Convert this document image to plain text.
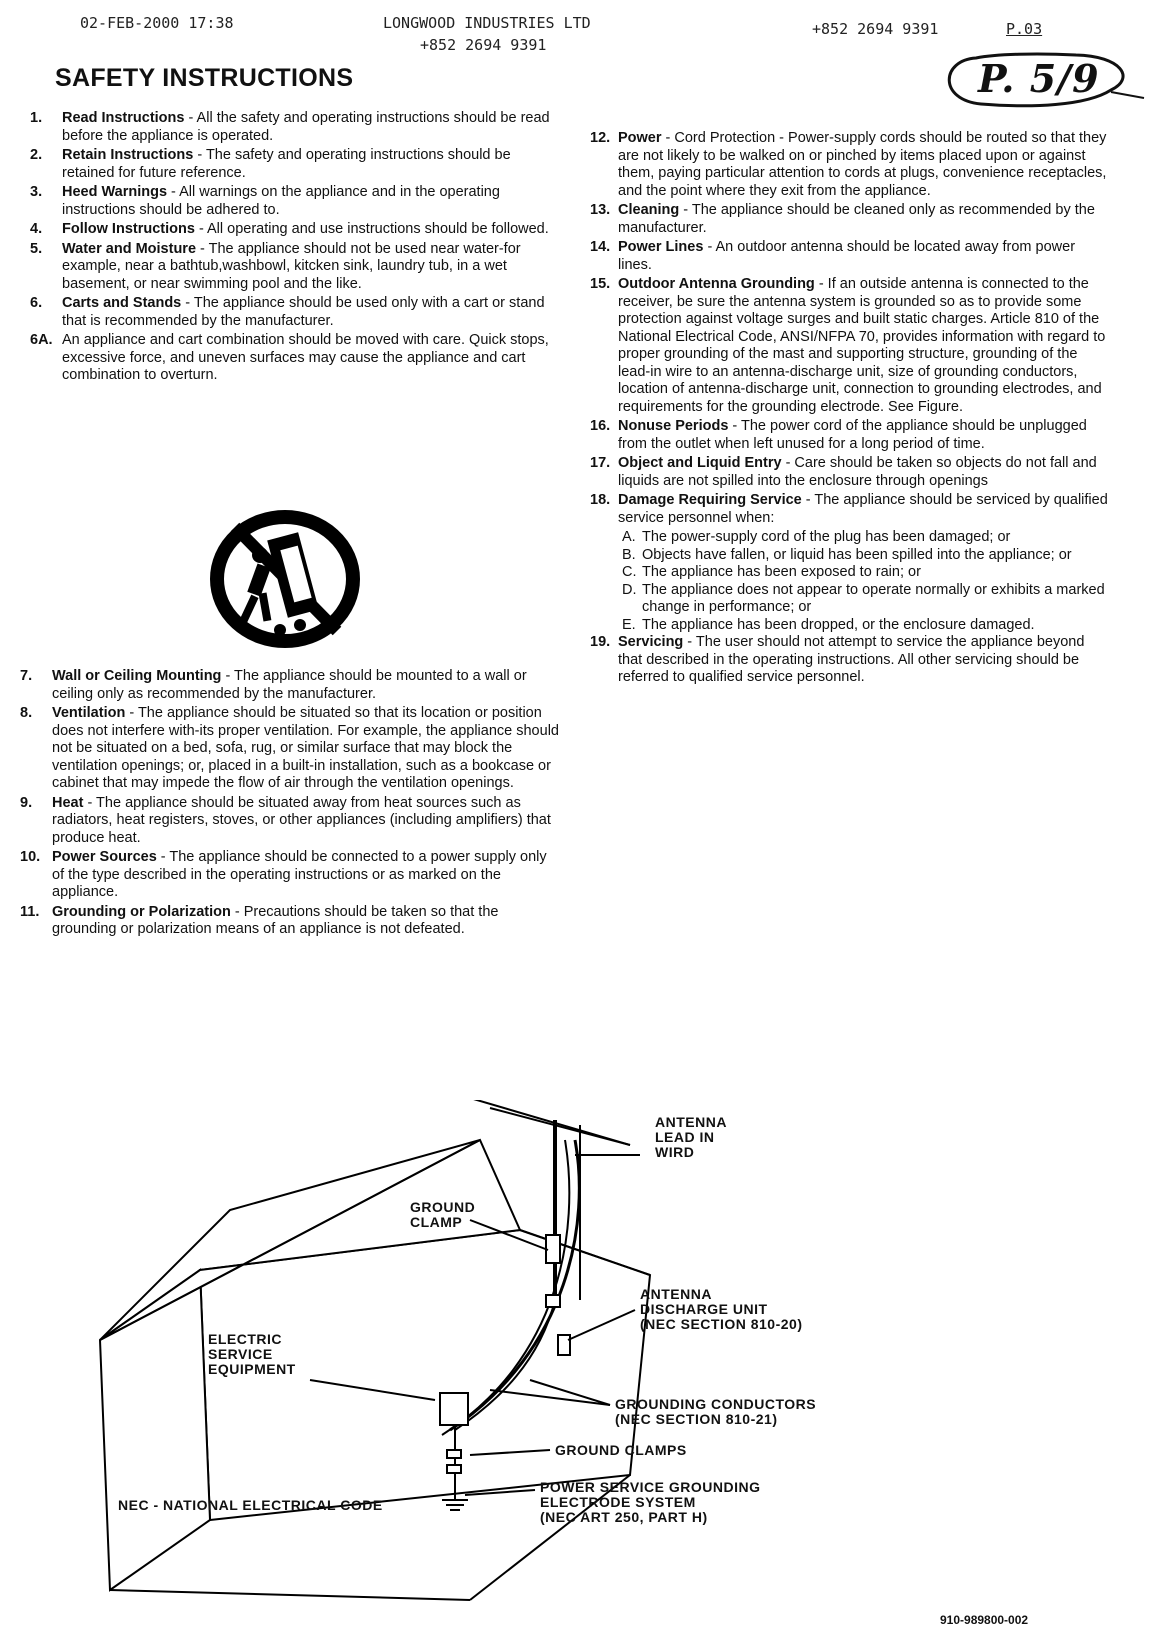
02-FEB-2000 17:38	LONGWOOD INDUSTRIES LTD
+852 2694 9391
+852 2694 9391	P.03
SAFETY INSTRUCTIONS	P. 5/9
1.	Read Instructions - All the safety and operating instructions should be read before the appliance is operated.
2.	Retain Instructions - The safety and operating instructions should be retained for future reference.
3.	Heed Warnings - All warnings on the appliance and in the operating instructions should be adhered to.
4.	Follow Instructions - All operating and use instructions should be followed.
5.	Water and Moisture - The appliance should not be used near water-for example, near a bathtub,washbowl, kitcken sink, laundry tub, in a wet basement, or near swimming pool and the like.
6.	Carts and Stands - The appliance should be used only with a cart or stand that is recommended by the manufacturer.
6A. An appliance and cart combination should be moved with care. Quick stops, excessive force, and uneven surfaces may cause the appliance and cart combination to overturn.
7.	Wall or Ceiling Mounting - The appliance should be mounted to a wall or ceiling only as recommended by the manufacturer.
8.	Ventilation - The appliance should be situated so that its location or position does not interfere with-its proper ventilation. For example, the appliance should not be situated on a bed, sofa, rug, or similar surface that may block the ventilation openings; or, placed in a built-in installation, such as a bookcase or cabinet that may impede the flow of air through the ventilation openings.
9.	Heat - The appliance should be situated away from heat sources such as radiators, heat registers, stoves, or other appliances (including amplifiers) that produce heat.
10. Power Sources - The appliance should be connected to a power supply only of the type described in the operating instructions or as marked on the appliance.
11. Grounding or Polarization - Precautions should be taken so that the grounding or polarization means of an appliance is not defeated.
12. Power - Cord Protection - Power-supply cords should be routed so that they are not likely to be walked on or pinched by items placed upon or against them, paying particular attention to cords at plugs, convenience receptacles, and the point where they exit from the appliance.
13. Cleaning - The appliance should be cleaned only as recommended by the manufacturer.
14. Power Lines - An outdoor antenna should be located away from power lines.
15. Outdoor Antenna Grounding - If an outside antenna is connected to the receiver, be sure the antenna system is grounded so as to provide some protection against voltage surges and built static charges. Article 810 of the National Electrical Code, ANSI/NFPA 70, provides information with regard to proper grounding of the mast and supporting structure, grounding of the lead-in wire to an antenna-discharge unit, size of grounding conductors, location of antenna-discharge unit, connection to grounding electrodes, and requirements for the grounding electrode. See Figure.
16. Nonuse Periods - The power cord of the appliance should be unplugged from the outlet when left unused for a long period of time.
17. Object and Liquid Entry - Care should be taken so objects do not fall and liquids are not spilled into the enclosure through openings
18. Damage Requiring Service - The appliance should be serviced by qualified service personnel when:
A. The power-supply cord of the plug has been damaged; or
B. Objects have fallen, or liquid has been spilled into the appliance; or
C. The appliance has been exposed to rain; or
D. The appliance does not appear to operate normally or exhibits a marked change in performance; or
E. The appliance has been dropped, or the enclosure damaged.
19. Servicing - The user should not attempt to service the appliance beyond that described in the operating instructions. All other servicing should be referred to qualified service personnel.
ANTENNA
LEAD IN
WIRD
GROUND
CLAMP
ANTENNA
DISCHARGE UNIT
(NEC SECTION 810-20)
ELECTRIC
SERVICE
EQUIPMENT
GROUNDING CONDUCTORS
(NEC SECTION 810-21)
GROUND CLAMPS
POWER SERVICE GROUNDING
ELECTRODE SYSTEM
(NEC ART 250, PART H)
NEC - NATIONAL ELECTRICAL CODE
910-989800-002
